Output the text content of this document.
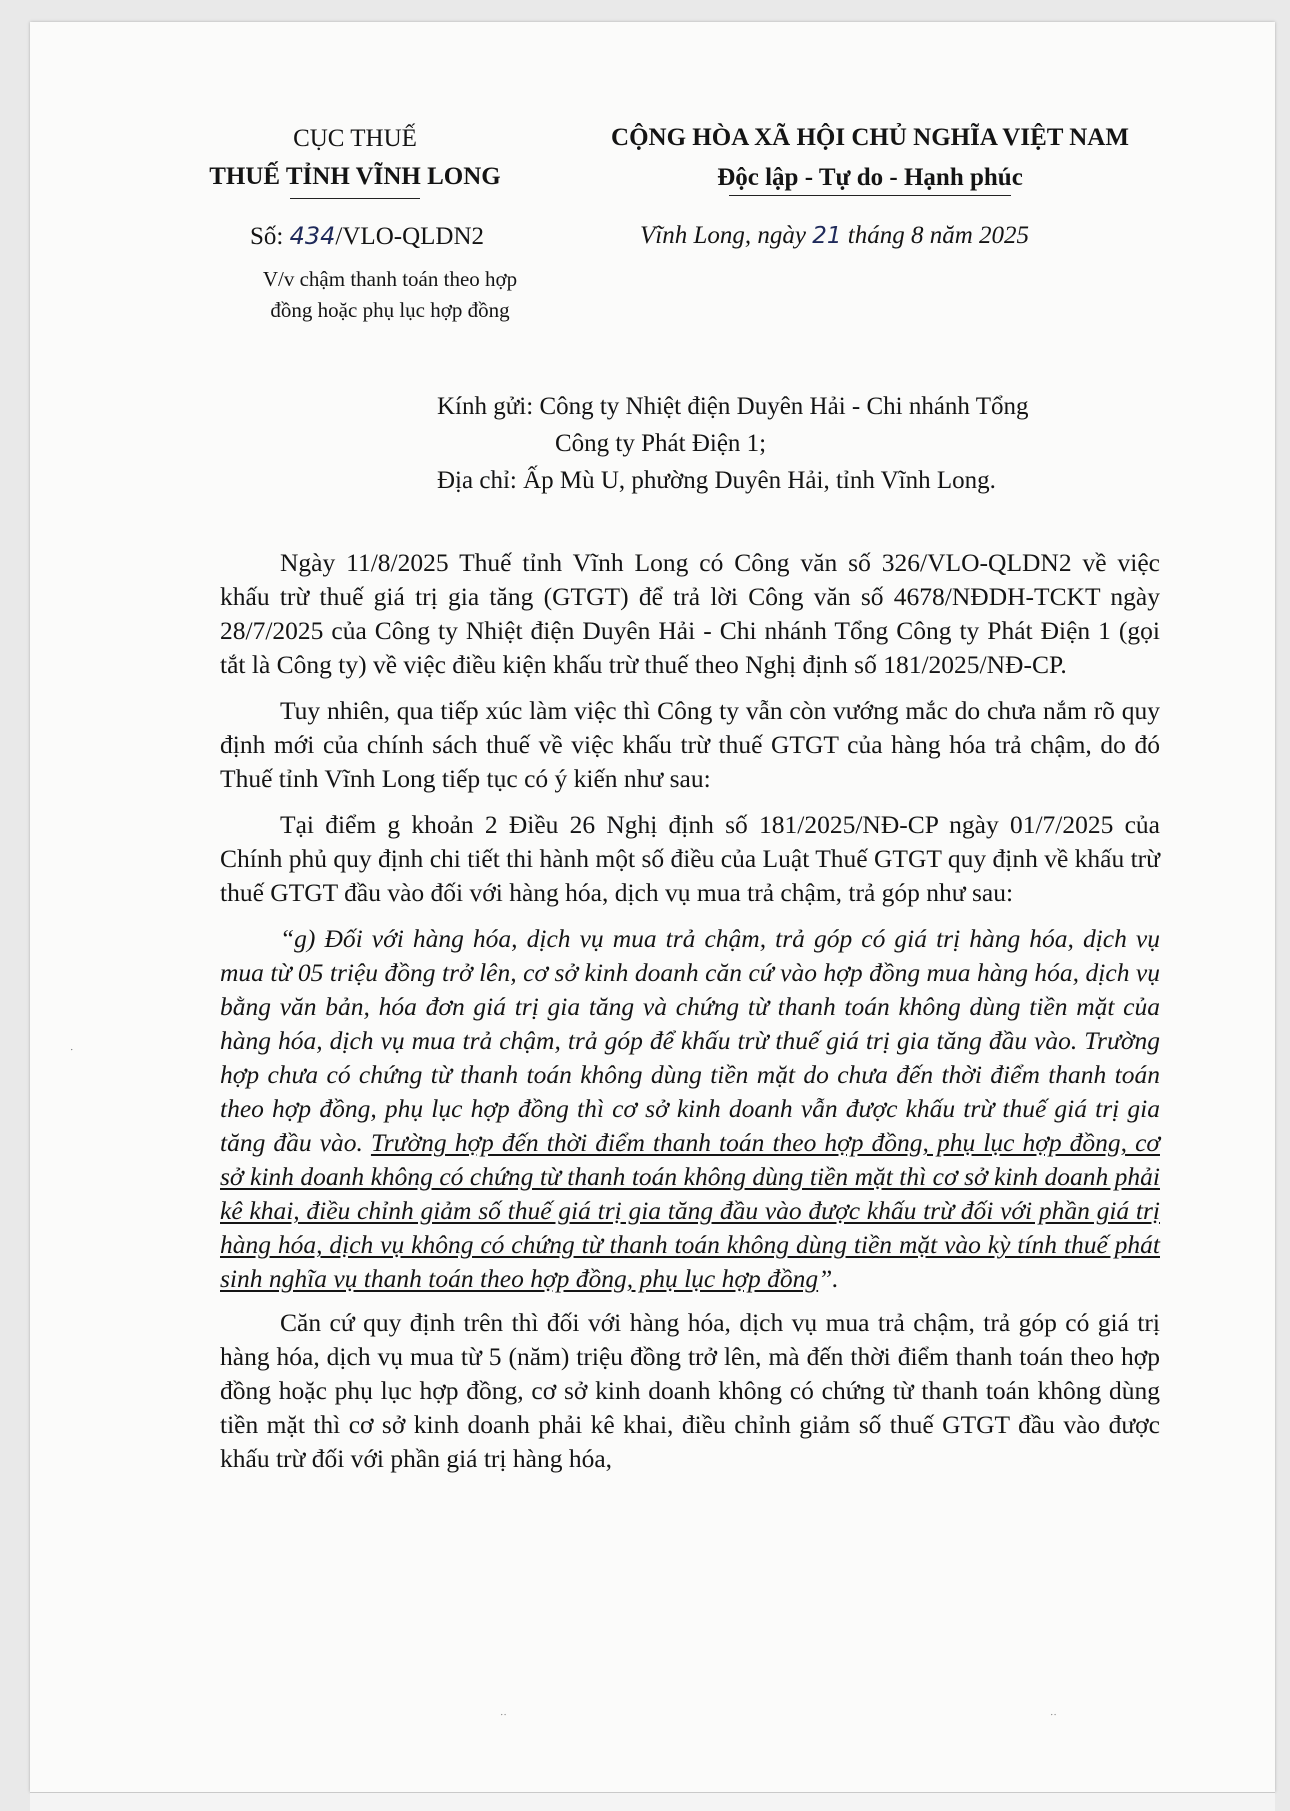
CỤC THUẾ
THUẾ TỈNH VĨNH LONG
CỘNG HÒA XÃ HỘI CHỦ NGHĨA VIỆT NAM
Độc lập - Tự do - Hạnh phúc
Số: 434/VLO-QLDN2	Vĩnh Long, ngày 21 tháng 8 năm 2025
V/v chậm thanh toán theo hợp
đồng hoặc phụ lục hợp đồng
Kính gửi: Công ty Nhiệt điện Duyên Hải - Chi nhánh Tổng
Công ty Phát Điện 1;
Địa chỉ: Ấp Mù U, phường Duyên Hải, tỉnh Vĩnh Long.

Ngày 11/8/2025 Thuế tỉnh Vĩnh Long có Công văn số 326/VLO-QLDN2 về việc khấu trừ thuế giá trị gia tăng (GTGT) để trả lời Công văn số 4678/NĐDH-TCKT ngày 28/7/2025 của Công ty Nhiệt điện Duyên Hải - Chi nhánh Tổng Công ty Phát Điện 1 (gọi tắt là Công ty) về việc điều kiện khấu trừ thuế theo Nghị định số 181/2025/NĐ-CP.

Tuy nhiên, qua tiếp xúc làm việc thì Công ty vẫn còn vướng mắc do chưa nắm rõ quy định mới của chính sách thuế về việc khấu trừ thuế GTGT của hàng hóa trả chậm, do đó Thuế tỉnh Vĩnh Long tiếp tục có ý kiến như sau:

Tại điểm g khoản 2 Điều 26 Nghị định số 181/2025/NĐ-CP ngày 01/7/2025 của Chính phủ quy định chi tiết thi hành một số điều của Luật Thuế GTGT quy định về khấu trừ thuế GTGT đầu vào đối với hàng hóa, dịch vụ mua trả chậm, trả góp như sau:

“g) Đối với hàng hóa, dịch vụ mua trả chậm, trả góp có giá trị hàng hóa, dịch vụ mua từ 05 triệu đồng trở lên, cơ sở kinh doanh căn cứ vào hợp đồng mua hàng hóa, dịch vụ bằng văn bản, hóa đơn giá trị gia tăng và chứng từ thanh toán không dùng tiền mặt của hàng hóa, dịch vụ mua trả chậm, trả góp để khấu trừ thuế giá trị gia tăng đầu vào. Trường hợp chưa có chứng từ thanh toán không dùng tiền mặt do chưa đến thời điểm thanh toán theo hợp đồng, phụ lục hợp đồng thì cơ sở kinh doanh vẫn được khấu trừ thuế giá trị gia tăng đầu vào. Trường hợp đến thời điểm thanh toán theo hợp đồng, phụ lục hợp đồng, cơ sở kinh doanh không có chứng từ thanh toán không dùng tiền mặt thì cơ sở kinh doanh phải kê khai, điều chỉnh giảm số thuế giá trị gia tăng đầu vào được khấu trừ đối với phần giá trị hàng hóa, dịch vụ không có chứng từ thanh toán không dùng tiền mặt vào kỳ tính thuế phát sinh nghĩa vụ thanh toán theo hợp đồng, phụ lục hợp đồng”.

Căn cứ quy định trên thì đối với hàng hóa, dịch vụ mua trả chậm, trả góp có giá trị hàng hóa, dịch vụ mua từ 5 (năm) triệu đồng trở lên, mà đến thời điểm thanh toán theo hợp đồng hoặc phụ lục hợp đồng, cơ sở kinh doanh không có chứng từ thanh toán không dùng tiền mặt thì cơ sở kinh doanh phải kê khai, điều chỉnh giảm số thuế GTGT đầu vào được khấu trừ đối với phần giá trị hàng hóa,

⋅⋅	⋅⋅
⋅
